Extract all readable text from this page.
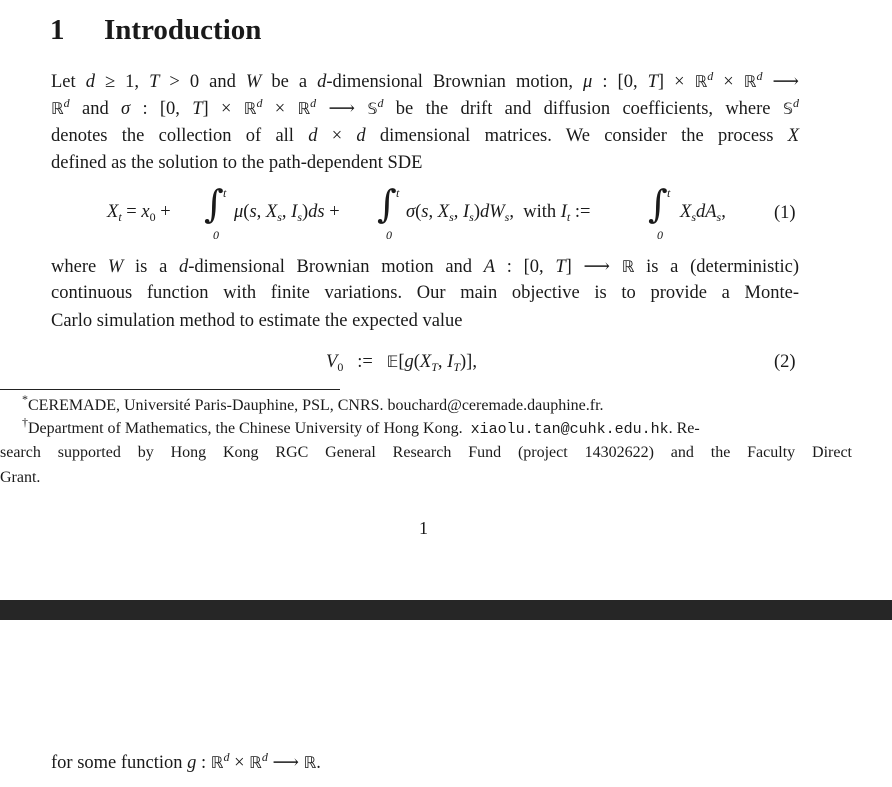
1 Introduction
Let d ≥ 1, T > 0 and W be a d-dimensional Brownian motion, μ : [0, T] × ℝ$^d$ × ℝ$^d$ ⟶
ℝ$^d$ and σ : [0, T] × ℝ$^d$ × ℝ$^d$ ⟶ 𝕊$^d$ be the drift and diffusion coefficients, where 𝕊$^d$
denotes the collection of all d × d dimensional matrices. We consider the process X
defined as the solution to the path-dependent SDE
$X_t = x_0$ + ∫ t
0
μ(s, $X_s$, $I_s)ds$ + ∫ t
0
σ(s, $X_s$, $I_s)dW_s$,  with $I_t$ := ∫ t
0
$X_sdA_s$,	(1)
where W is a d-dimensional Brownian motion and A : [0, T] ⟶ ℝ is a (deterministic)
continuous function with finite variations. Our main objective is to provide a Monte-
Carlo simulation method to estimate the expected value
$V_0$   :=   $𝔼[g(X_T$, $I_T$)],	(2)
*CEREMADE, Université Paris-Dauphine, PSL, CNRS. bouchard@ceremade.dauphine.fr.
†Department of Mathematics, the Chinese University of Hong Kong. xiaolu.tan@cuhk.edu.hk. Re-
search supported by Hong Kong RGC General Research Fund (project 14302622) and the Faculty Direct
Grant.
1
for some function g : ℝ$^d$ × ℝ$^d$ ⟶ ℝ.
